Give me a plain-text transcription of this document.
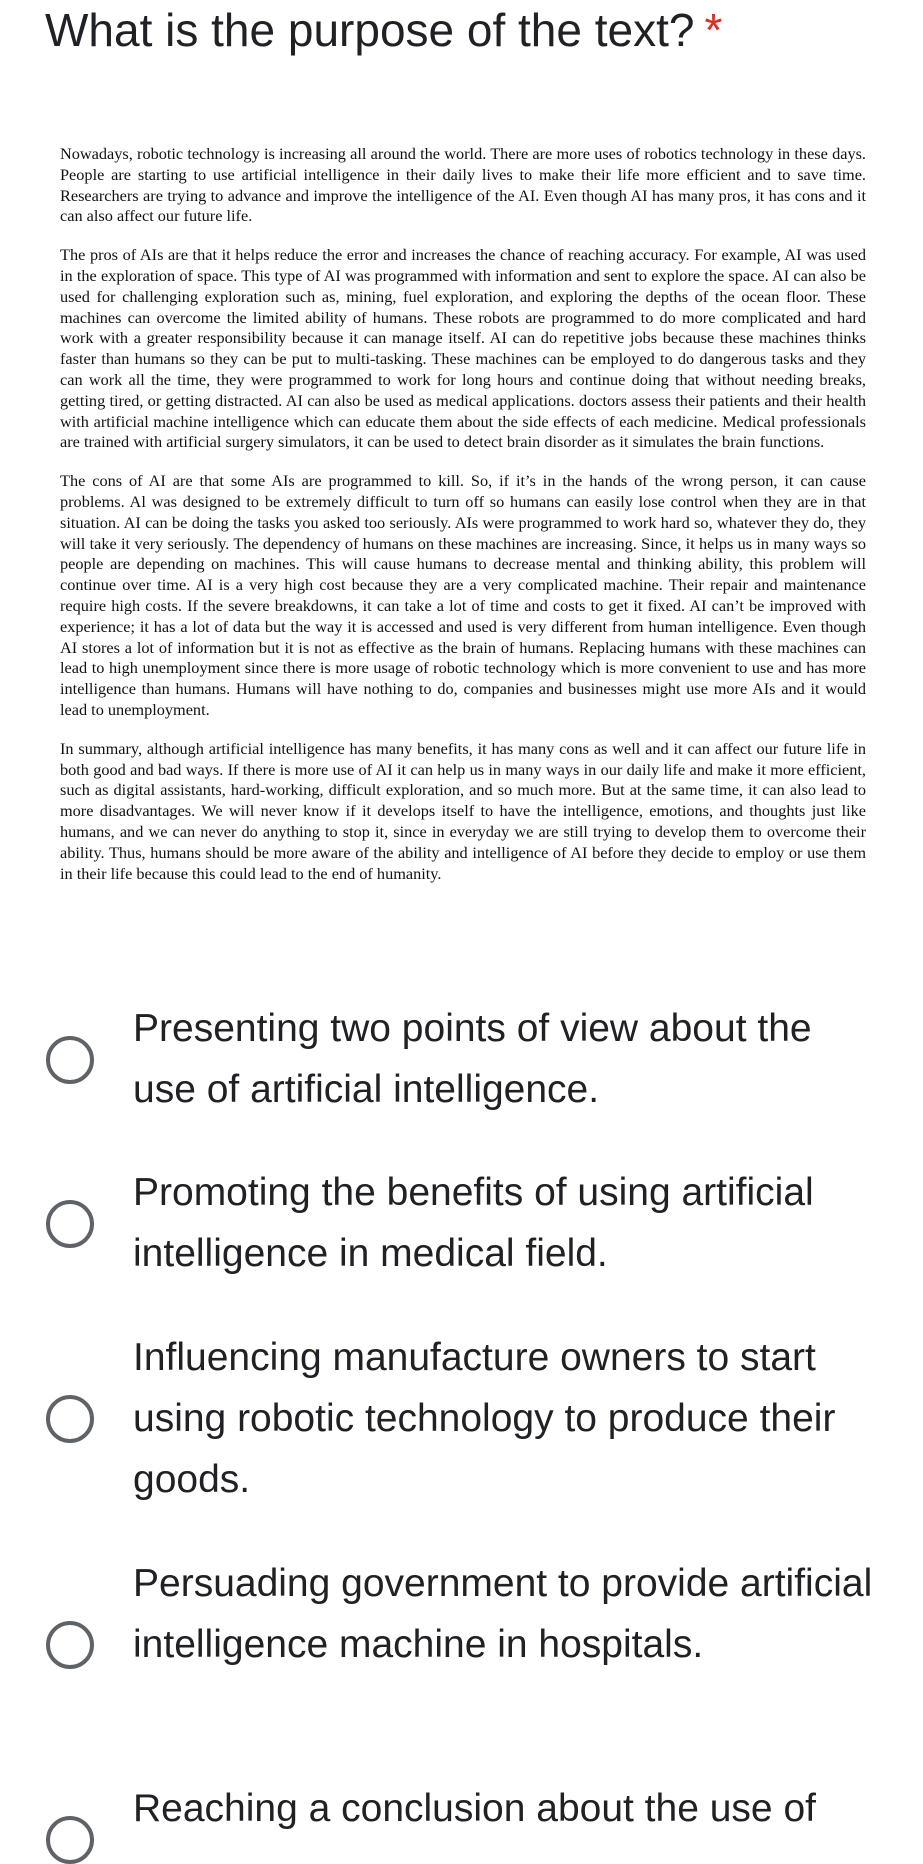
What is the purpose of the text? *

Nowadays, robotic technology is increasing all around the world. There are more uses of robotics technology in these days. People are starting to use artificial intelligence in their daily lives to make their life more efficient and to save time. Researchers are trying to advance and improve the intelligence of the AI. Even though AI has many pros, it has cons and it can also affect our future life.

The pros of AIs are that it helps reduce the error and increases the chance of reaching accuracy. For example, AI was used in the exploration of space. This type of AI was programmed with information and sent to explore the space. AI can also be used for challenging exploration such as, mining, fuel exploration, and exploring the depths of the ocean floor. These machines can overcome the limited ability of humans. These robots are programmed to do more complicated and hard work with a greater responsibility because it can manage itself. AI can do repetitive jobs because these machines thinks faster than humans so they can be put to multi-tasking. These machines can be employed to do dangerous tasks and they can work all the time, they were programmed to work for long hours and continue doing that without needing breaks, getting tired, or getting distracted. AI can also be used as medical applications. doctors assess their patients and their health with artificial machine intelligence which can educate them about the side effects of each medicine. Medical professionals are trained with artificial surgery simulators, it can be used to detect brain disorder as it simulates the brain functions.

The cons of AI are that some AIs are programmed to kill. So, if it’s in the hands of the wrong person, it can cause problems. Al was designed to be extremely difficult to turn off so humans can easily lose control when they are in that situation. AI can be doing the tasks you asked too seriously. AIs were programmed to work hard so, whatever they do, they will take it very seriously. The dependency of humans on these machines are increasing. Since, it helps us in many ways so people are depending on machines. This will cause humans to decrease mental and thinking ability, this problem will continue over time. AI is a very high cost because they are a very complicated machine. Their repair and maintenance require high costs. If the severe breakdowns, it can take a lot of time and costs to get it fixed. AI can’t be improved with experience; it has a lot of data but the way it is accessed and used is very different from human intelligence. Even though AI stores a lot of information but it is not as effective as the brain of humans. Replacing humans with these machines can lead to high unemployment since there is more usage of robotic technology which is more convenient to use and has more intelligence than humans. Humans will have nothing to do, companies and businesses might use more AIs and it would lead to unemployment.

In summary, although artificial intelligence has many benefits, it has many cons as well and it can affect our future life in both good and bad ways. If there is more use of AI it can help us in many ways in our daily life and make it more efficient, such as digital assistants, hard-working, difficult exploration, and so much more. But at the same time, it can also lead to more disadvantages. We will never know if it develops itself to have the intelligence, emotions, and thoughts just like humans, and we can never do anything to stop it, since in everyday we are still trying to develop them to overcome their ability. Thus, humans should be more aware of the ability and intelligence of AI before they decide to employ or use them in their life because this could lead to the end of humanity.

Presenting two points of view about the use of artificial intelligence.
Promoting the benefits of using artificial intelligence in medical field.
Influencing manufacture owners to start using robotic technology to produce their goods.
Persuading government to provide artificial intelligence machine in hospitals.
Reaching a conclusion about the use of
